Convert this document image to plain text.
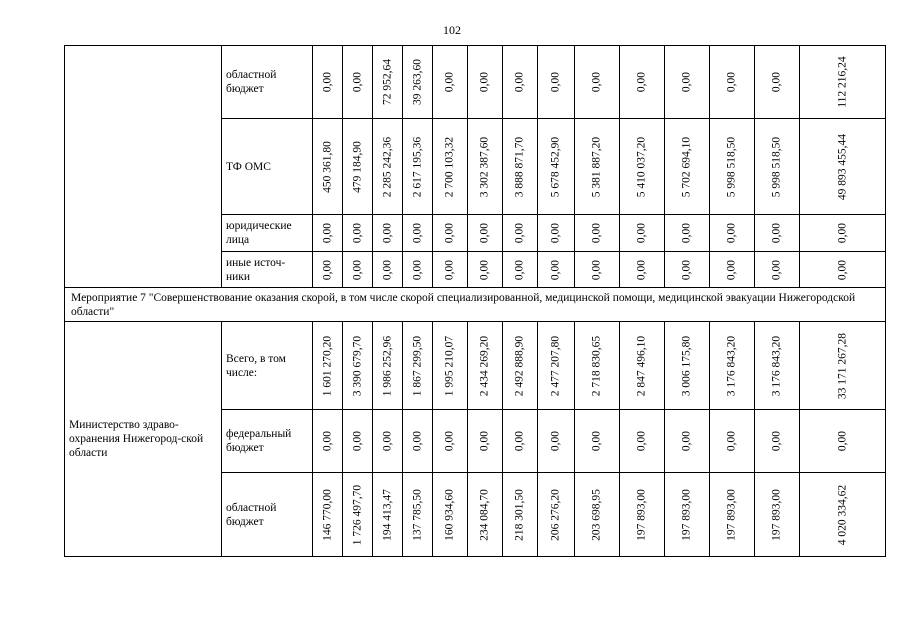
102

	областной бюджет	0,00	0,00	72 952,64	39 263,60	0,00	0,00	0,00	0,00	0,00	0,00	0,00	0,00	0,00	112 216,24

	ТФ ОМС	450 361,80	479 184,90	2 285 242,36	2 617 195,36	2 700 103,32	3 302 387,60	3 888 871,70	5 678 452,90	5 381 887,20	5 410 037,20	5 702 694,10	5 998 518,50	5 998 518,50	49 893 455,44

	юридические лица	0,00	0,00	0,00	0,00	0,00	0,00	0,00	0,00	0,00	0,00	0,00	0,00	0,00	0,00

	иные источ-ники	0,00	0,00	0,00	0,00	0,00	0,00	0,00	0,00	0,00	0,00	0,00	0,00	0,00	0,00

Мероприятие 7 "Совершенствование оказания скорой, в том числе скорой специализированной, медицинской помощи, медицинской эвакуации Нижегородской области"															
Министерство здраво-охранения Нижегород-ской области	Всего, в том числе:	1 601 270,20	3 390 679,70	1 986 252,96	1 867 299,50	1 995 210,07	2 434 269,20	2 492 888,90	2 477 207,80	2 718 830,65	2 847 496,10	3 006 175,80	3 176 843,20	3 176 843,20	33 171 267,28

	федеральный бюджет	0,00	0,00	0,00	0,00	0,00	0,00	0,00	0,00	0,00	0,00	0,00	0,00	0,00	0,00

	областной бюджет	146 770,00	1 726 497,70	194 413,47	137 785,50	160 934,60	234 084,70	218 301,50	206 276,20	203 698,95	197 893,00	197 893,00	197 893,00	197 893,00	4 020 334,62
